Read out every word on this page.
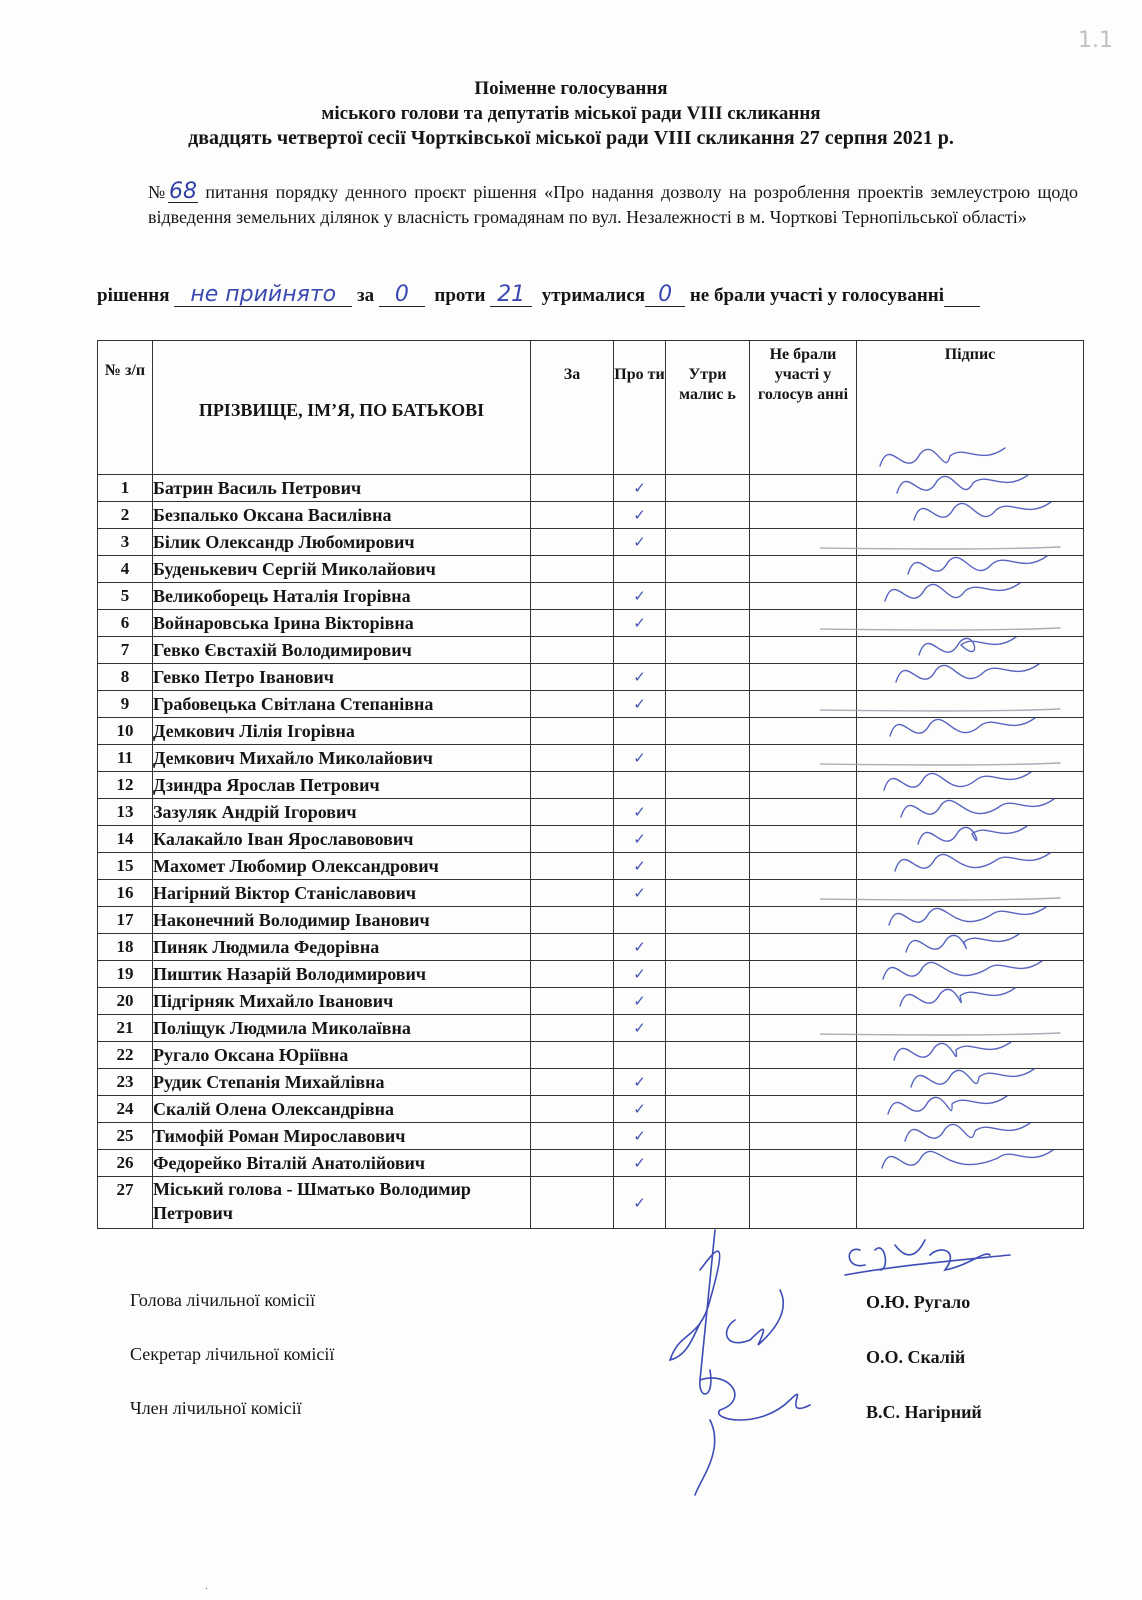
1.1
Поіменне голосування
міського голови та депутатів міської ради VIII скликання
двадцять четвертої сесії Чортківської міської ради VIII скликання 27 серпня 2021 р.
№68 питання порядку денного проєкт рішення «Про надання дозволу на розроблення проектів землеустрою щодо відведення земельних ділянок у власність громадянам по вул. Незалежності в м. Чорткові Тернопільської області»
рішення не прийнято за 0 проти 21 утрималися 0 не брали участі у голосуванні
№ з/п	ПРІЗВИЩЕ, ІМ’Я, ПО БАТЬКОВІ	За	Про ти	Утри малис ь	Не брали участі у голосув анні	Підпис
1	Батрин Василь Петрович		✓			
2	Безпалько Оксана Василівна		✓			
3	Білик Олександр Любомирович		✓			
4	Буденькевич Сергій Миколайович					
5	Великоборець Наталія Ігорівна		✓			
6	Войнаровська Ірина Вікторівна		✓			
7	Гевко Євстахій Володимирович					
8	Гевко Петро Іванович		✓			
9	Грабовецька Світлана Степанівна		✓			
10	Демкович Лілія Ігорівна					
11	Демкович Михайло Миколайович		✓			
12	Дзиндра Ярослав Петрович					
13	Зазуляк Андрій Ігорович		✓			
14	Калакайло Іван Ярославовович		✓			
15	Махомет Любомир Олександрович		✓			
16	Нагірний Віктор Станіславович		✓			
17	Наконечний Володимир Іванович					
18	Пиняк Людмила Федорівна		✓			
19	Пиштик Назарій Володимирович		✓			
20	Підгірняк Михайло Іванович		✓			
21	Поліщук Людмила Миколаївна		✓			
22	Ругало Оксана Юріївна					
23	Рудик Степанія Михайлівна		✓			
24	Скалій Олена Олександрівна		✓			
25	Тимофій Роман Мирославович		✓			
26	Федорейко Віталій Анатолійович		✓			
27	Міський голова - Шматько Володимир Петрович		✓			
Голова лічильної комісії	О.Ю. Ругало
Секретар лічильної комісії	О.О. Скалій
Член лічильної комісії	В.С. Нагірний
·
